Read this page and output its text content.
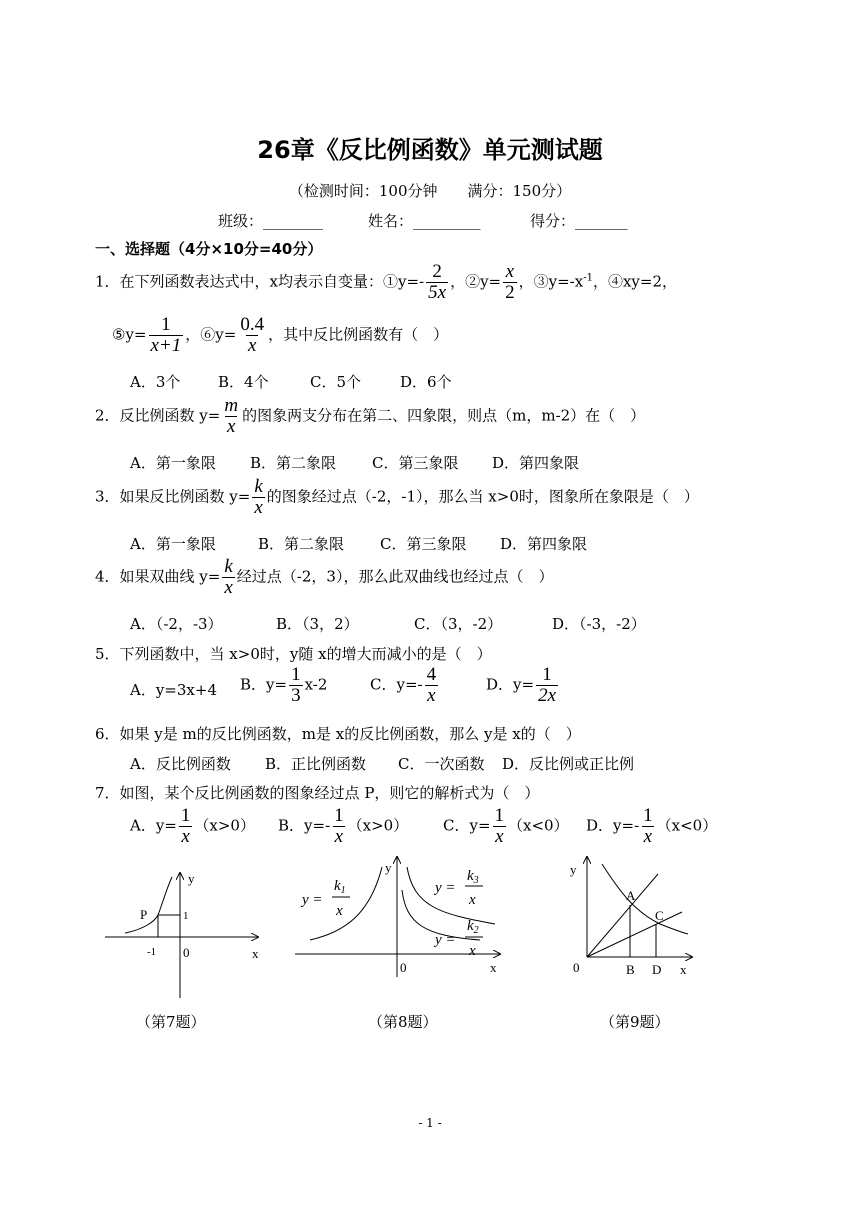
26章《反比例函数》单元测试题
（检测时间：100分钟　　满分：150分）
班级：________	姓名：_________	得分：_______
一、选择题（4分×10分=40分）
1．在下列函数表达式中，x均表示自变量：①y=- $\frac{2}{5x}$ ，②y= $\frac{x}{2}$ ，$③y=-x^{-1}$，④xy=2，
⑤y= $\frac{1}{x+1}$ ，⑥y= $\frac{0.4}{x}$ ，其中反比例函数有（　）
A．3个	B．4个	C．5个	D．6个
2．反比例函数 $y= \frac{m}{x}$ 的图象两支分布在第二、四象限，则点（m，m-2）在（　）
A．第一象限 B．第二象限 C．第三象限 D．第四象限
3．如果反比例函数 $y= \frac{k}{x}$ 的图象经过点（-2，-1），那么当 x>0时，图象所在象限是（　）
A．第一象限	B．第二象限 C．第三象限 D．第四象限
4．如果双曲线 $y= \frac{k}{x}$ 经过点（-2，3），那么此双曲线也经过点（　）
A．（-2，-3）	B．（3，2）	C．（3，-2）	D．（-3，-2）
5．下列函数中，当 x>0时，y随 x的增大而减小的是（　）
A．y=3x+4 B．$y= \frac{1}{3} x-2$	C．$y=- \frac{4}{x}$	D．$y= \frac{1}{2x}$
6．如果 y是 m的反比例函数，m是 x的反比例函数，那么 y是 x的（　）
A．反比例函数 B．正比例函数 C．一次函数 D．反比例或正比例
7．如图，某个反比例函数的图象经过点 P，则它的解析式为（　）
A．$y= \frac{1}{x} (x>0)$ B．$y=- \frac{1}{x} (x>0)$ C．$y= \frac{1}{x} (x<0)$ D．$y=- \frac{1}{x} (x<0)$
y
x
0
P	1
-1
（第7题）
y
x
0
y =
$k_1$
x
y =
$k_3$
x
y =
$k_2$
x
（第8题）
y
x
0
A
B
C
D
（第9题）
- 1 -
